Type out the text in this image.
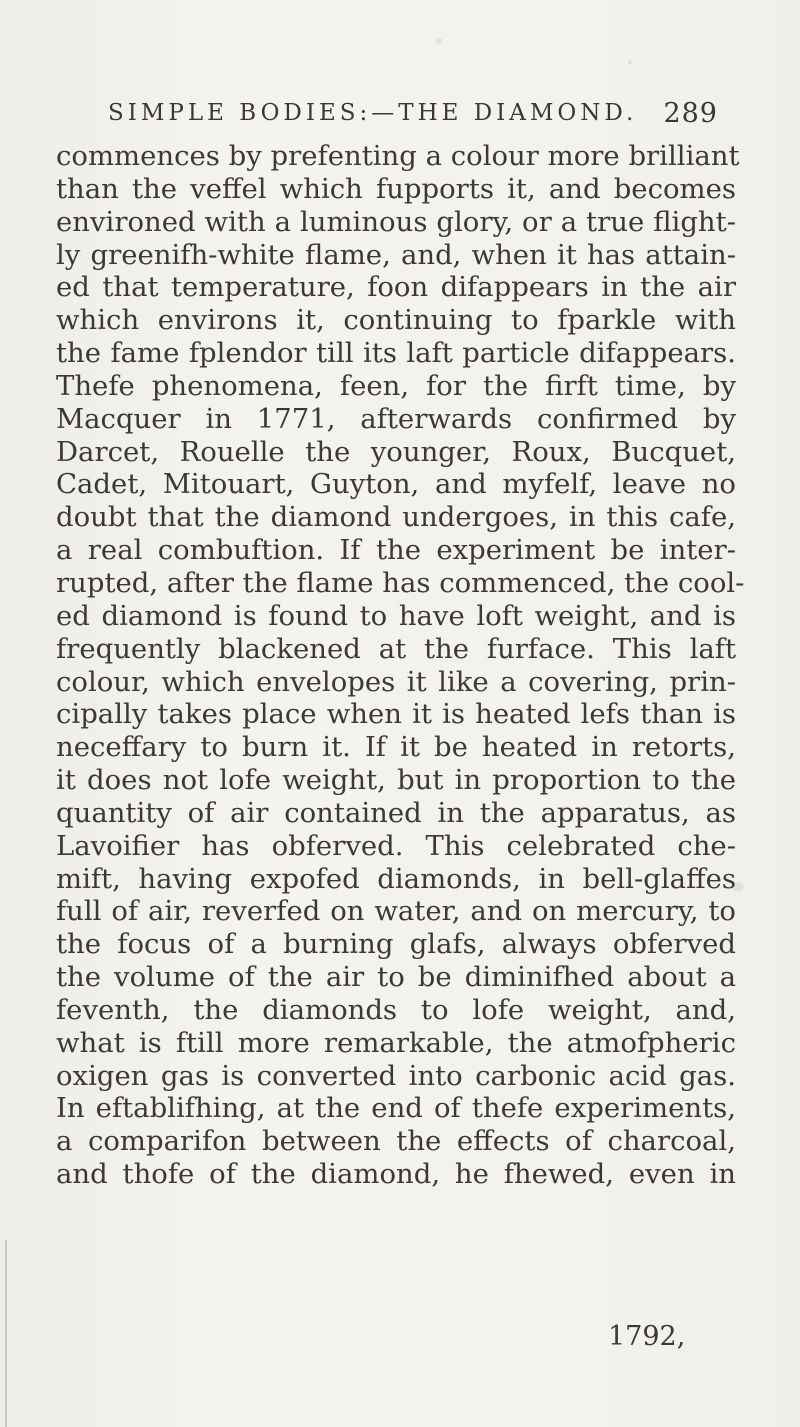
SIMPLE BODIES:—THE DIAMOND. 289
commences by prefenting a colour more brilliant
than the veffel which fupports it, and becomes
environed with a luminous glory, or a true flight-
ly greenifh-white flame, and, when it has attain-
ed that temperature, foon difappears in the air
which environs it, continuing to fparkle with
the fame fplendor till its laft particle difappears.
Thefe phenomena, feen, for the firft time, by
Macquer in 1771, afterwards confirmed by
Darcet, Rouelle the younger, Roux, Bucquet,
Cadet, Mitouart, Guyton, and myfelf, leave no
doubt that the diamond undergoes, in this cafe,
a real combuftion. If the experiment be inter-
rupted, after the flame has commenced, the cool-
ed diamond is found to have loft weight, and is
frequently blackened at the furface. This laft
colour, which envelopes it like a covering, prin-
cipally takes place when it is heated lefs than is
neceffary to burn it. If it be heated in retorts,
it does not lofe weight, but in proportion to the
quantity of air contained in the apparatus, as
Lavoifier has obferved. This celebrated che-
mift, having expofed diamonds, in bell-glaffes
full of air, reverfed on water, and on mercury, to
the focus of a burning glafs, always obferved
the volume of the air to be diminifhed about a
feventh, the diamonds to lofe weight, and,
what is ftill more remarkable, the atmofpheric
oxigen gas is converted into carbonic acid gas.
In eftablifhing, at the end of thefe experiments,
a comparifon between the effects of charcoal,
and thofe of the diamond, he fhewed, even in
1792,
